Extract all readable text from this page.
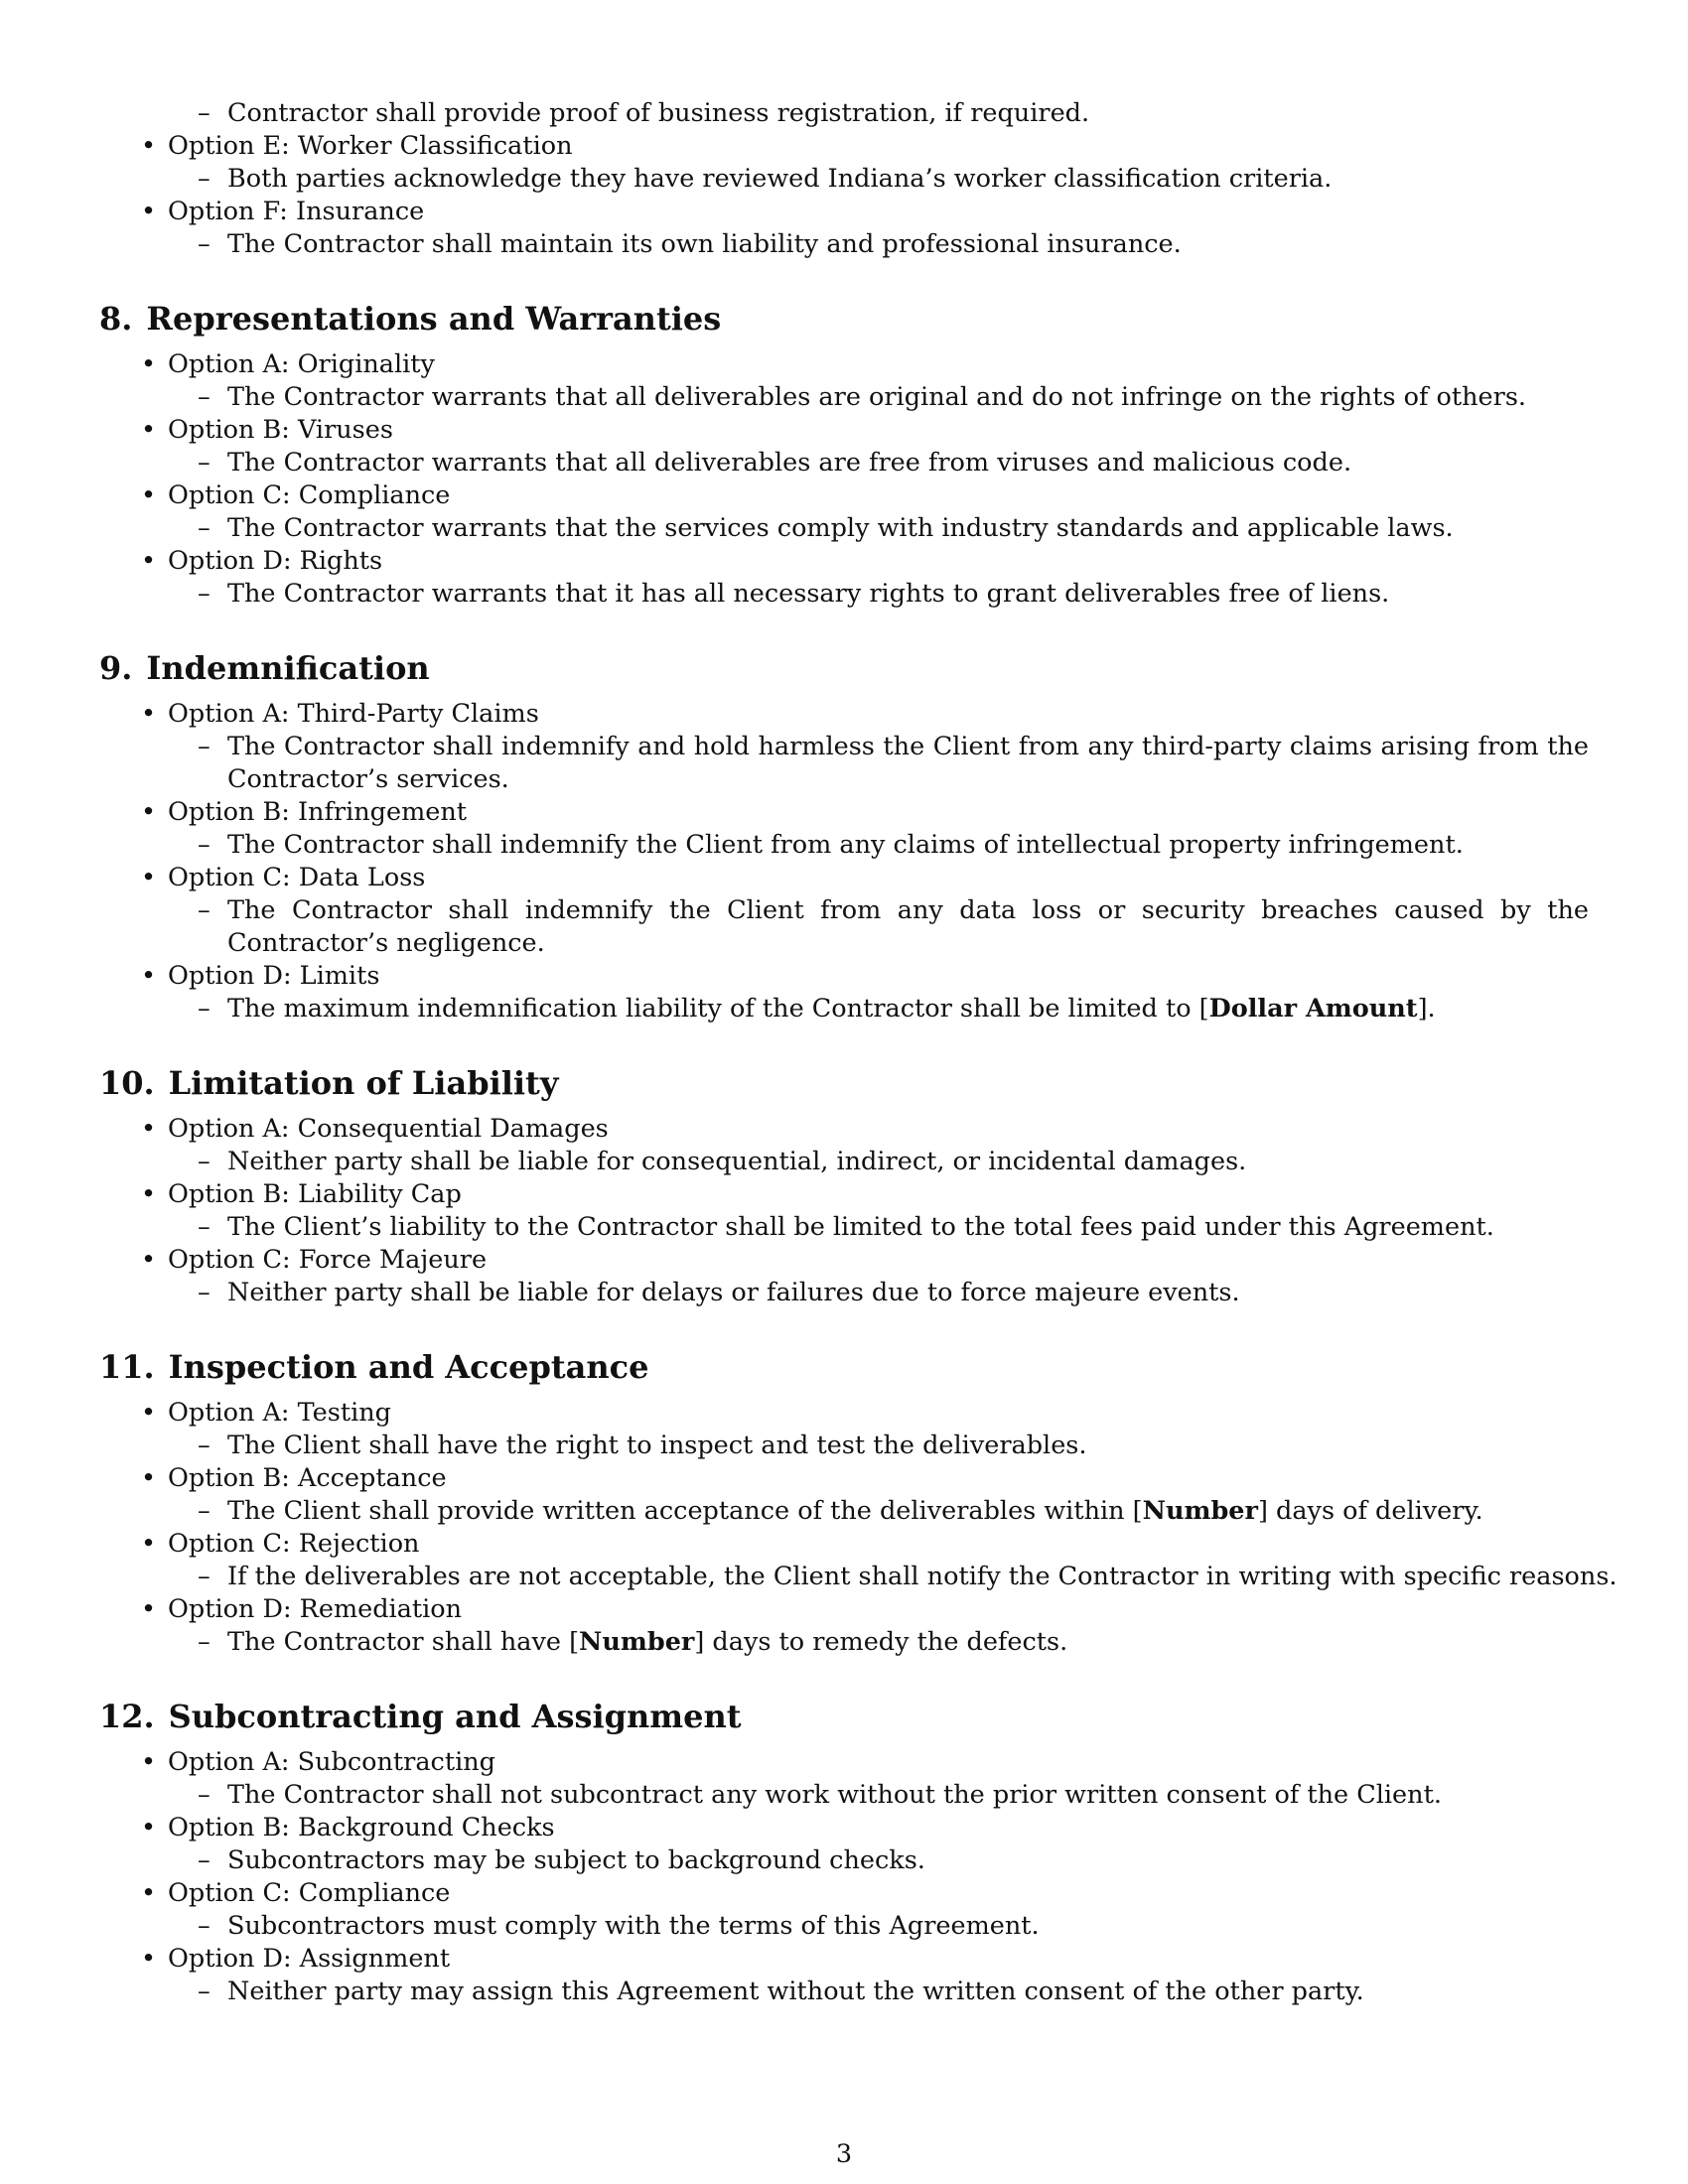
– Contractor shall provide proof of business registration, if required.
• Option E: Worker Classification
– Both parties acknowledge they have reviewed Indiana’s worker classification criteria.
• Option F: Insurance
– The Contractor shall maintain its own liability and professional insurance.
8. Representations and Warranties
• Option A: Originality
– The Contractor warrants that all deliverables are original and do not infringe on the rights of others.
• Option B: Viruses
– The Contractor warrants that all deliverables are free from viruses and malicious code.
• Option C: Compliance
– The Contractor warrants that the services comply with industry standards and applicable laws.
• Option D: Rights
– The Contractor warrants that it has all necessary rights to grant deliverables free of liens.
9. Indemnification
• Option A: Third-Party Claims
– The Contractor shall indemnify and hold harmless the Client from any third-party claims arising from the Contractor’s services.
• Option B: Infringement
– The Contractor shall indemnify the Client from any claims of intellectual property infringement.
• Option C: Data Loss
– The Contractor shall indemnify the Client from any data loss or security breaches caused by the Contractor’s negligence.
• Option D: Limits
– The maximum indemnification liability of the Contractor shall be limited to [Dollar Amount].
10. Limitation of Liability
• Option A: Consequential Damages
– Neither party shall be liable for consequential, indirect, or incidental damages.
• Option B: Liability Cap
– The Client’s liability to the Contractor shall be limited to the total fees paid under this Agreement.
• Option C: Force Majeure
– Neither party shall be liable for delays or failures due to force majeure events.
11. Inspection and Acceptance
• Option A: Testing
– The Client shall have the right to inspect and test the deliverables.
• Option B: Acceptance
– The Client shall provide written acceptance of the deliverables within [Number] days of delivery.
• Option C: Rejection
– If the deliverables are not acceptable, the Client shall notify the Contractor in writing with specific reasons.
• Option D: Remediation
– The Contractor shall have [Number] days to remedy the defects.
12. Subcontracting and Assignment
• Option A: Subcontracting
– The Contractor shall not subcontract any work without the prior written consent of the Client.
• Option B: Background Checks
– Subcontractors may be subject to background checks.
• Option C: Compliance
– Subcontractors must comply with the terms of this Agreement.
• Option D: Assignment
– Neither party may assign this Agreement without the written consent of the other party.
3
